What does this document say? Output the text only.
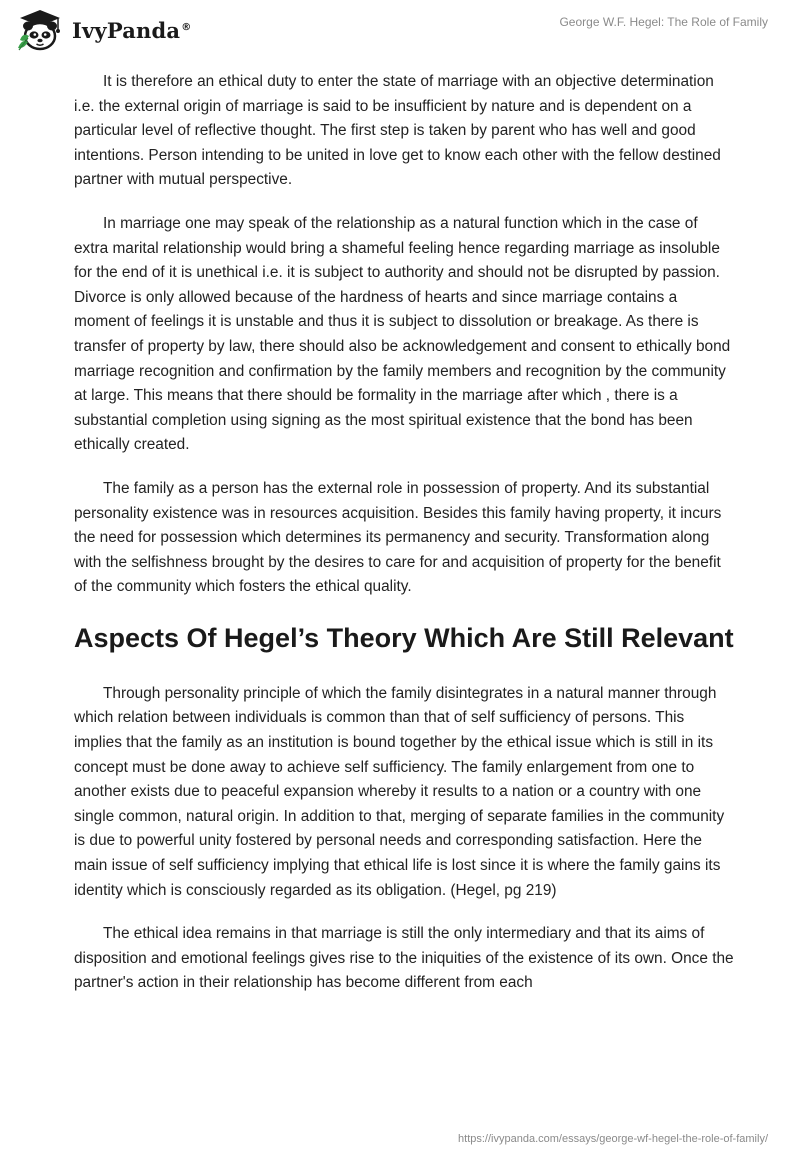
IvyPanda®	George W.F. Hegel: The Role of Family

It is therefore an ethical duty to enter the state of marriage with an objective determination i.e. the external origin of marriage is said to be insufficient by nature and is dependent on a particular level of reflective thought. The first step is taken by parent who has well and good intentions. Person intending to be united in love get to know each other with the fellow destined partner with mutual perspective.

In marriage one may speak of the relationship as a natural function which in the case of extra marital relationship would bring a shameful feeling hence regarding marriage as insoluble for the end of it is unethical i.e. it is subject to authority and should not be disrupted by passion. Divorce is only allowed because of the hardness of hearts and since marriage contains a moment of feelings it is unstable and thus it is subject to dissolution or breakage. As there is transfer of property by law, there should also be acknowledgement and consent to ethically bond marriage recognition and confirmation by the family members and recognition by the community at large. This means that there should be formality in the marriage after which , there is a substantial completion using signing as the most spiritual existence that the bond has been ethically created.

The family as a person has the external role in possession of property. And its substantial personality existence was in resources acquisition. Besides this family having property, it incurs the need for possession which determines its permanency and security. Transformation along with the selfishness brought by the desires to care for and acquisition of property for the benefit of the community which fosters the ethical quality.

Aspects Of Hegel’s Theory Which Are Still Relevant

Through personality principle of which the family disintegrates in a natural manner through which relation between individuals is common than that of self sufficiency of persons. This implies that the family as an institution is bound together by the ethical issue which is still in its concept must be done away to achieve self sufficiency. The family enlargement from one to another exists due to peaceful expansion whereby it results to a nation or a country with one single common, natural origin. In addition to that, merging of separate families in the community is due to powerful unity fostered by personal needs and corresponding satisfaction. Here the main issue of self sufficiency implying that ethical life is lost since it is where the family gains its identity which is consciously regarded as its obligation. (Hegel, pg 219)

The ethical idea remains in that marriage is still the only intermediary and that its aims of disposition and emotional feelings gives rise to the iniquities of the existence of its own. Once the partner's action in their relationship has become different from each

https://ivypanda.com/essays/george-wf-hegel-the-role-of-family/
